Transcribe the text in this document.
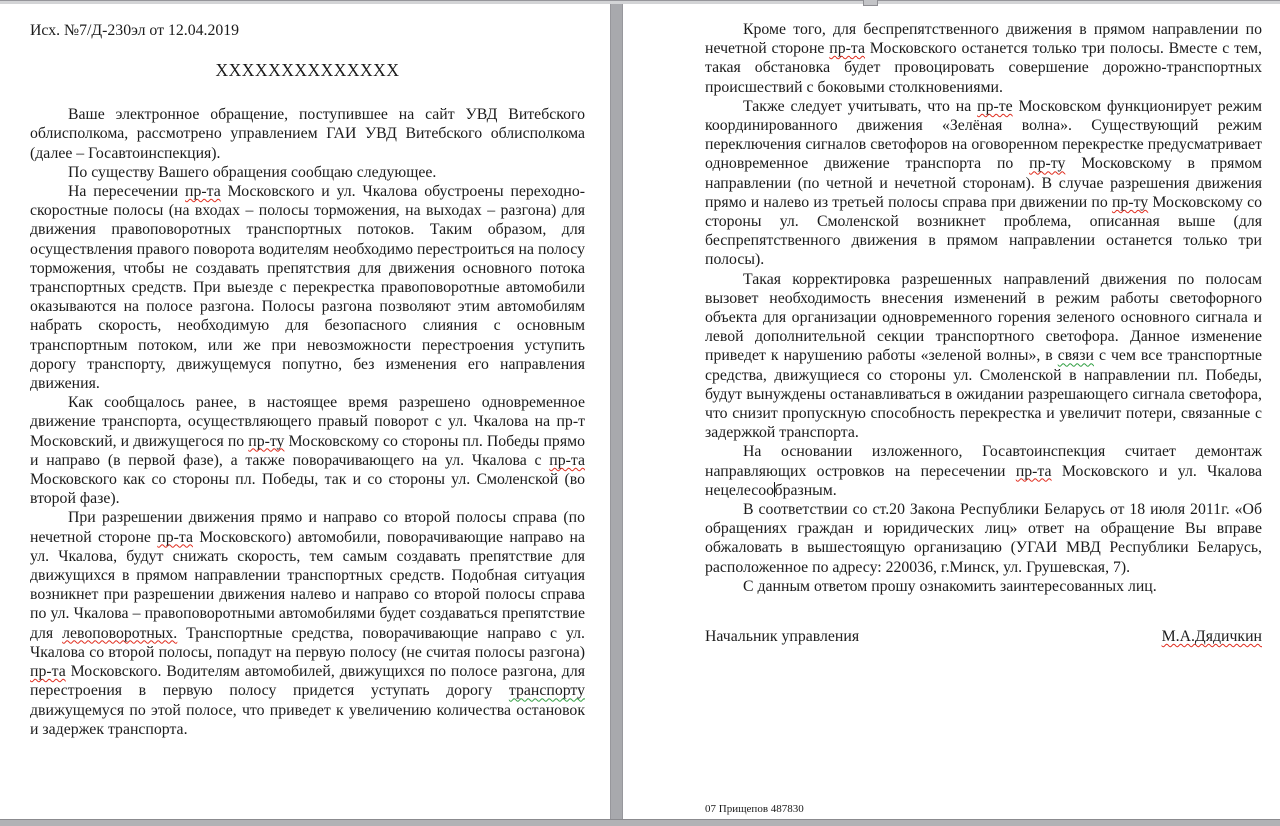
Исх. №7/Д-230эл от 12.04.2019
ХХХХХХХХХХХХХХ

Ваше электронное обращение, поступившее на сайт УВД Витебского облисполкома, рассмотрено управлением ГАИ УВД Витебского облисполкома (далее – Госавтоинспекция).

По существу Вашего обращения сообщаю следующее.

На пересечении пр-та Московского и ул. Чкалова обустроены переходно-скоростные полосы (на входах – полосы торможения, на выходах – разгона) для движения правоповоротных транспортных потоков. Таким образом, для осуществления правого поворота водителям необходимо перестроиться на полосу торможения, чтобы не создавать препятствия для движения основного потока транспортных средств. При выезде с перекрестка правоповоротные автомобили оказываются на полосе разгона. Полосы разгона позволяют этим автомобилям набрать скорость, необходимую для безопасного слияния с основным транспортным потоком, или же при невозможности перестроения уступить дорогу транспорту, движущемуся попутно, без изменения его направления движения.

Как сообщалось ранее, в настоящее время разрешено одновременное движение транспорта, осуществляющего правый поворот с ул. Чкалова на пр-т Московский, и движущегося по пр-ту Московскому со стороны пл. Победы прямо и направо (в первой фазе), а также поворачивающего на ул. Чкалова с пр-та Московского как со стороны пл. Победы, так и со стороны ул. Смоленской (во второй фазе).

При разрешении движения прямо и направо со второй полосы справа (по нечетной стороне пр-та Московского) автомобили, поворачивающие направо на ул. Чкалова, будут снижать скорость, тем самым создавать препятствие для движущихся в прямом направлении транспортных средств. Подобная ситуация возникнет при разрешении движения налево и направо со второй полосы справа по ул. Чкалова – правоповоротными автомобилями будет создаваться препятствие для левоповоротных. Транспортные средства, поворачивающие направо с ул. Чкалова со второй полосы, попадут на первую полосу (не считая полосы разгона) пр-та Московского. Водителям автомобилей, движущихся по полосе разгона, для перестроения в первую полосу придется уступать дорогу транспорту движущемуся по этой полосе, что приведет к увеличению количества остановок и задержек транспорта.

Кроме того, для беспрепятственного движения в прямом направлении по нечетной стороне пр-та Московского останется только три полосы. Вместе с тем, такая обстановка будет провоцировать совершение дорожно-транспортных происшествий с боковыми столкновениями.

Также следует учитывать, что на пр-те Московском функционирует режим координированного движения «Зелёная волна». Существующий режим переключения сигналов светофоров на оговоренном перекрестке предусматривает одновременное движение транспорта по пр-ту Московскому в прямом направлении (по четной и нечетной сторонам). В случае разрешения движения прямо и налево из третьей полосы справа при движении по пр-ту Московскому со стороны ул. Смоленской возникнет проблема, описанная выше (для беспрепятственного движения в прямом направлении останется только три полосы).

Такая корректировка разрешенных направлений движения по полосам вызовет необходимость внесения изменений в режим работы светофорного объекта для организации одновременного горения зеленого основного сигнала и левой дополнительной секции транспортного светофора. Данное изменение приведет к нарушению работы «зеленой волны», в связи с чем все транспортные средства, движущиеся со стороны ул. Смоленской в направлении пл. Победы, будут вынуждены останавливаться в ожидании разрешающего сигнала светофора, что снизит пропускную способность перекрестка и увеличит потери, связанные с задержкой транспорта.

На основании изложенного, Госавтоинспекция считает демонтаж направляющих островков на пересечении пр-та Московского и ул. Чкалова нецелесообразным.

В соответствии со ст.20 Закона Республики Беларусь от 18 июля 2011г. «Об обращениях граждан и юридических лиц» ответ на обращение Вы вправе обжаловать в вышестоящую организацию (УГАИ МВД Республики Беларусь, расположенное по адресу: 220036, г.Минск, ул. Грушевская, 7).

С данным ответом прошу ознакомить заинтересованных лиц.

Начальник управления	М.А.Дядичкин
07 Прищепов 487830
